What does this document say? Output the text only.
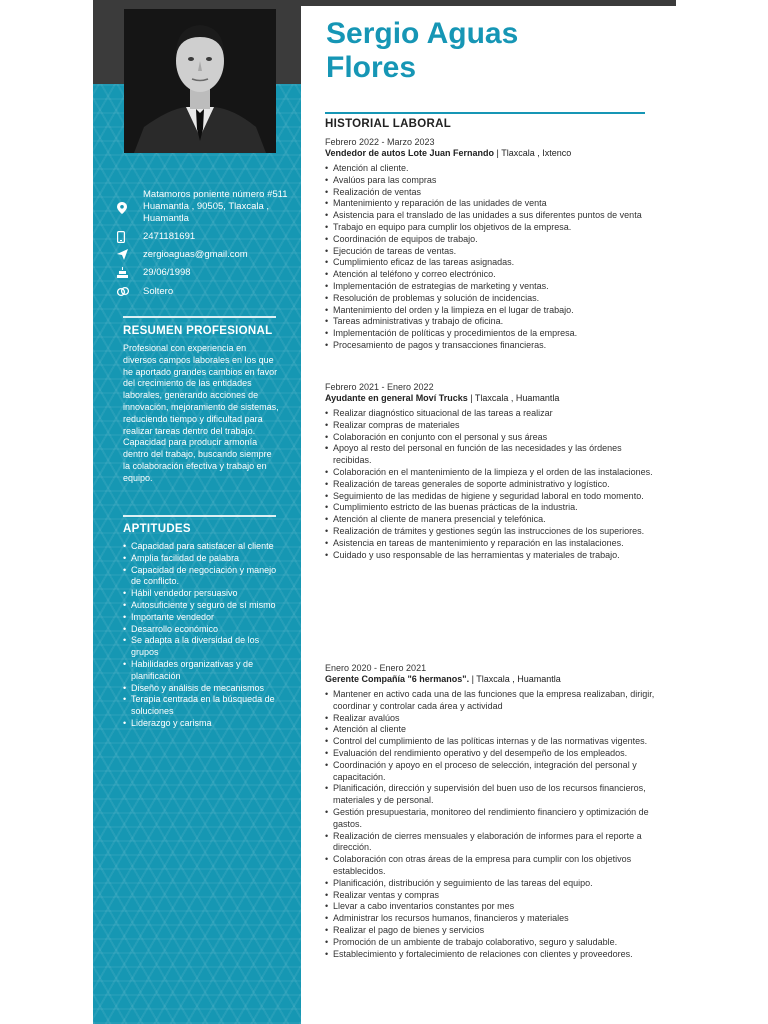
Matamoros poniente número #511 Huamantla , 90505, Tlaxcala , Huamantla
2471181691
zergioaguas@gmail.com
29/06/1998
Soltero
RESUMEN PROFESIONAL
Profesional con experiencia en diversos campos laborales en los que he aportado grandes cambios en favor del crecimiento de las entidades laborales, generando acciones de innovación, mejoramiento de sistemas, reduciendo tiempo y dificultad para realizar tareas dentro del trabajo. Capacidad para producir armonía dentro del trabajo, buscando siempre la colaboración efectiva y trabajo en equipo.
APTITUDES
• Capacidad para satisfacer al cliente
• Amplia facilidad de palabra
• Capacidad de negociación y manejo de conflicto.
• Hábil vendedor persuasivo
• Autosuficiente y seguro de sí mismo
• Importante vendedor
• Desarrollo económico
• Se adapta a la diversidad de los grupos
• Habilidades organizativas y de planificación
• Diseño y análisis de mecanismos
• Terapia centrada en la búsqueda de soluciones
• Liderazgo y carisma
Sergio Aguas
Flores
HISTORIAL LABORAL
Febrero 2022 - Marzo 2023
Vendedor de autos Lote Juan Fernando | Tlaxcala , Ixtenco
• Atención al cliente.
• Avalúos para las compras
• Realización de ventas
• Mantenimiento y reparación de las unidades de venta
• Asistencia para el translado de las unidades a sus diferentes puntos de venta
• Trabajo en equipo para cumplir los objetivos de la empresa.
• Coordinación de equipos de trabajo.
• Ejecución de tareas de ventas.
• Cumplimiento eficaz de las tareas asignadas.
• Atención al teléfono y correo electrónico.
• Implementación de estrategias de marketing y ventas.
• Resolución de problemas y solución de incidencias.
• Mantenimiento del orden y la limpieza en el lugar de trabajo.
• Tareas administrativas y trabajo de oficina.
• Implementación de políticas y procedimientos de la empresa.
• Procesamiento de pagos y transacciones financieras.
Febrero 2021 - Enero 2022
Ayudante en general Moví Trucks | Tlaxcala , Huamantla
• Realizar diagnóstico situacional de las tareas a realizar
• Realizar compras de materiales
• Colaboración en conjunto con el personal y sus áreas
• Apoyo al resto del personal en función de las necesidades y las órdenes recibidas.
• Colaboración en el mantenimiento de la limpieza y el orden de las instalaciones.
• Realización de tareas generales de soporte administrativo y logístico.
• Seguimiento de las medidas de higiene y seguridad laboral en todo momento.
• Cumplimiento estricto de las buenas prácticas de la industria.
• Atención al cliente de manera presencial y telefónica.
• Realización de trámites y gestiones según las instrucciones de los superiores.
• Asistencia en tareas de mantenimiento y reparación en las instalaciones.
• Cuidado y uso responsable de las herramientas y materiales de trabajo.
Enero 2020 - Enero 2021
Gerente Compañía "6 hermanos". | Tlaxcala , Huamantla
• Mantener en activo cada una de las funciones que la empresa realizaban, dirigir, coordinar y controlar cada área y actividad
• Realizar avalúos
• Atención al cliente
• Control del cumplimiento de las políticas internas y de las normativas vigentes.
• Evaluación del rendimiento operativo y del desempeño de los empleados.
• Coordinación y apoyo en el proceso de selección, integración del personal y capacitación.
• Planificación, dirección y supervisión del buen uso de los recursos financieros, materiales y de personal.
• Gestión presupuestaria, monitoreo del rendimiento financiero y optimización de gastos.
• Realización de cierres mensuales y elaboración de informes para el reporte a dirección.
• Colaboración con otras áreas de la empresa para cumplir con los objetivos establecidos.
• Planificación, distribución y seguimiento de las tareas del equipo.
• Realizar ventas y compras
• Llevar a cabo inventarios constantes por mes
• Administrar los recursos humanos, financieros y materiales
• Realizar el pago de bienes y servicios
• Promoción de un ambiente de trabajo colaborativo, seguro y saludable.
• Establecimiento y fortalecimiento de relaciones con clientes y proveedores.
